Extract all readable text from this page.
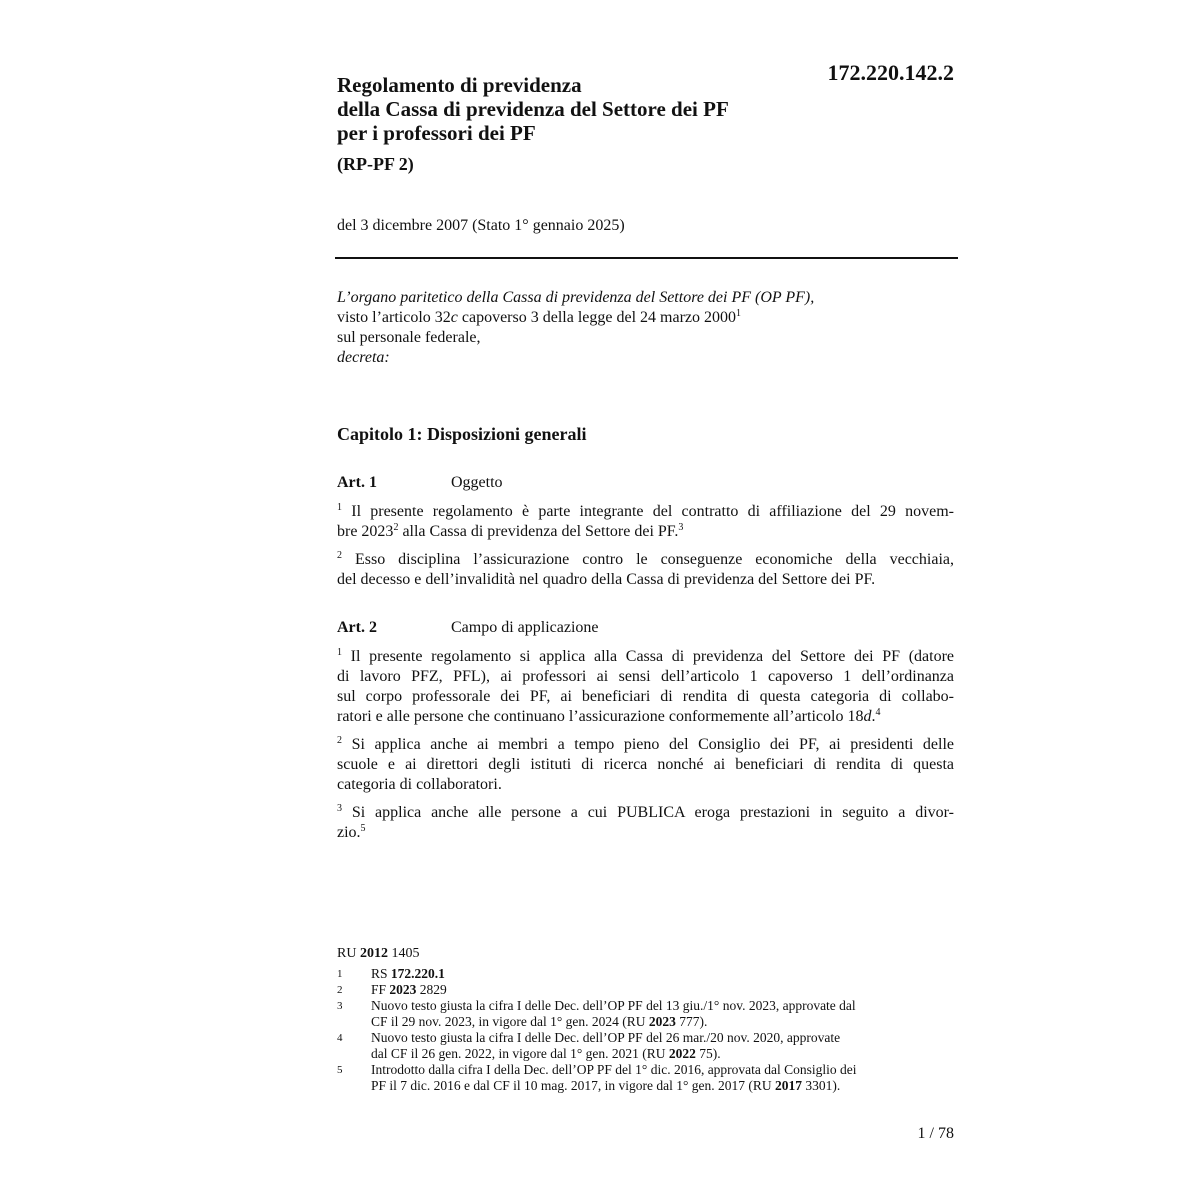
172.220.142.2
Regolamento di previdenza
della Cassa di previdenza del Settore dei PF
per i professori dei PF
(RP-PF 2)
del 3 dicembre 2007 (Stato 1° gennaio 2025)
L’organo paritetico della Cassa di previdenza del Settore dei PF (OP PF),
visto l’articolo 32c capoverso 3 della legge del 24 marzo 2000$^1$
sul personale federale,
decreta:
Capitolo 1: Disposizioni generali
Art. 1	Oggetto
$^1$ Il presente regolamento è parte integrante del contratto di affiliazione del 29 novem-
bre 2023$^2$ alla Cassa di previdenza del Settore dei PF.$^3$
$^2$ Esso disciplina l’assicurazione contro le conseguenze economiche della vecchiaia,
del decesso e dell’invalidità nel quadro della Cassa di previdenza del Settore dei PF.
Art. 2	Campo di applicazione
$^1$ Il presente regolamento si applica alla Cassa di previdenza del Settore dei PF (datore
di lavoro PFZ, PFL), ai professori ai sensi dell’articolo 1 capoverso 1 dell’ordinanza
sul corpo professorale dei PF, ai beneficiari di rendita di questa categoria di collabo-
ratori e alle persone che continuano l’assicurazione conformemente all’articolo 18d.$^4$
$^2$ Si applica anche ai membri a tempo pieno del Consiglio dei PF, ai presidenti delle
scuole e ai direttori degli istituti di ricerca nonché ai beneficiari di rendita di questa
categoria di collaboratori.
$^3$ Si applica anche alle persone a cui PUBLICA eroga prestazioni in seguito a divor-
zio.$^5$
RU 2012 1405
1	RS 172.220.1
2	FF 2023 2829
3	Nuovo testo giusta la cifra I delle Dec. dell’OP PF del 13 giu./1° nov. 2023, approvate dal
CF il 29 nov. 2023, in vigore dal 1° gen. 2024 (RU 2023 777).
4	Nuovo testo giusta la cifra I delle Dec. dell’OP PF del 26 mar./20 nov. 2020, approvate
dal CF il 26 gen. 2022, in vigore dal 1° gen. 2021 (RU 2022 75).
5	Introdotto dalla cifra I della Dec. dell’OP PF del 1° dic. 2016, approvata dal Consiglio dei
PF il 7 dic. 2016 e dal CF il 10 mag. 2017, in vigore dal 1° gen. 2017 (RU 2017 3301).
1 / 78
